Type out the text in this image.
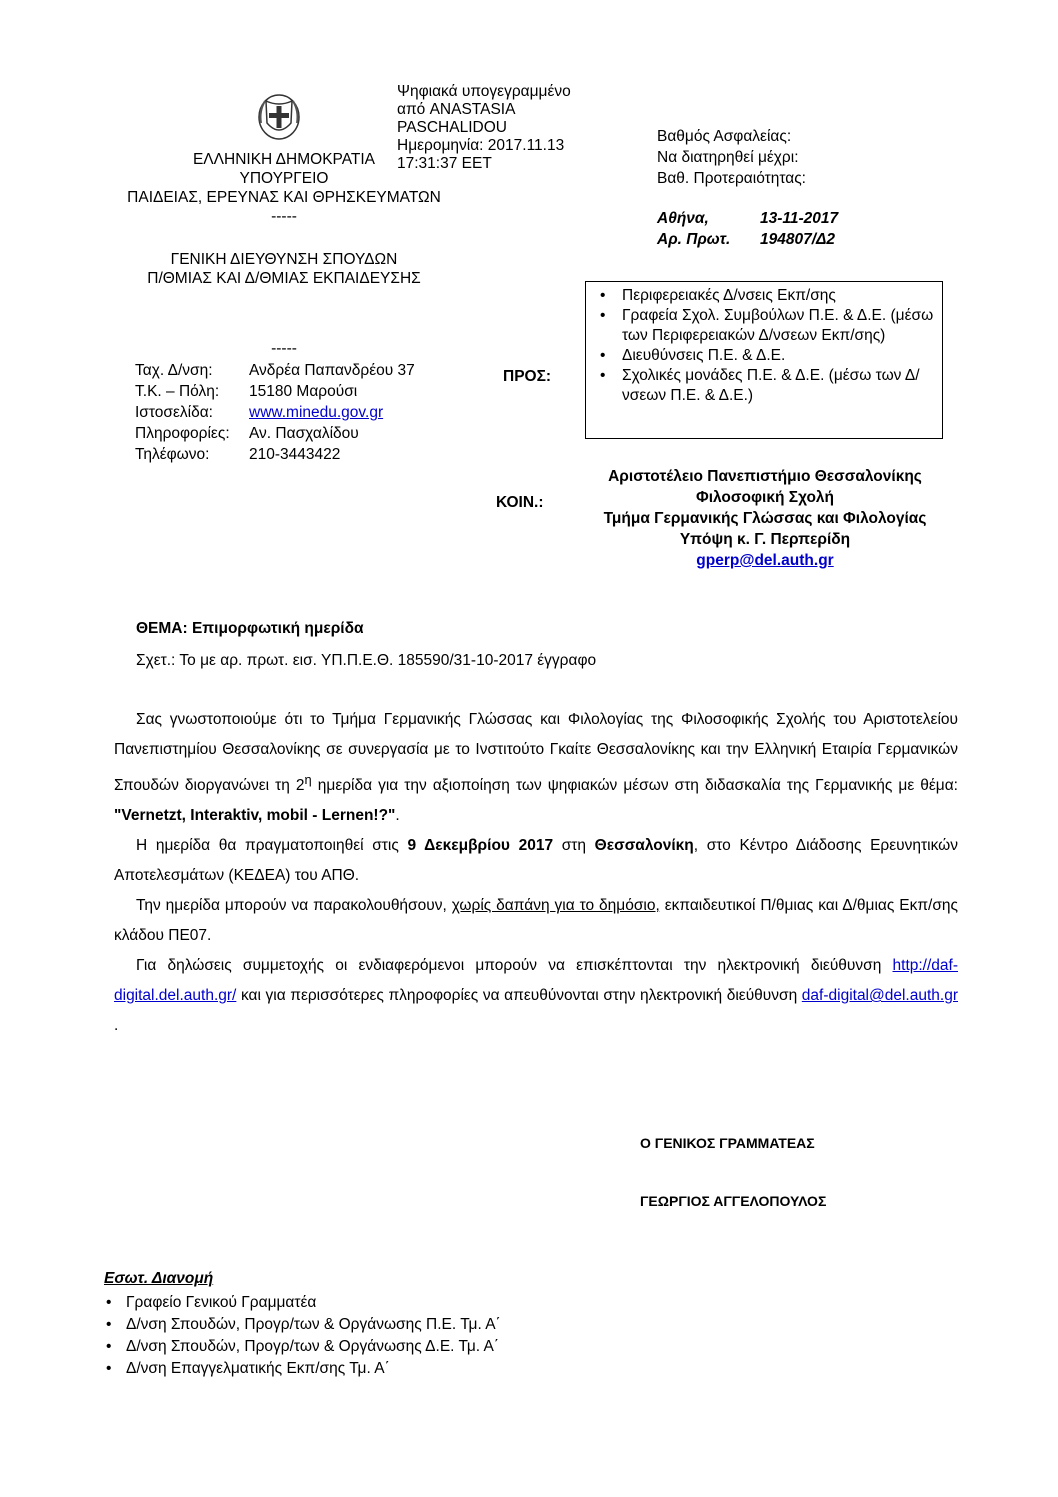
Ψηφιακά υπογεγραμμένο
από ANASTASIA
PASCHALIDOU
Ημερομηνία: 2017.11.13
17:31:37 EET
ΕΛΛΗΝΙΚΗ ΔΗΜΟΚΡΑΤΙΑ
ΥΠΟΥΡΓΕΙΟ
ΠΑΙΔΕΙΑΣ, ΕΡΕΥΝΑΣ ΚΑΙ ΘΡΗΣΚΕΥΜΑΤΩΝ
-----
ΓΕΝΙΚΗ ΔΙΕΥΘΥΝΣΗ ΣΠΟΥΔΩΝ
Π/ΘΜΙΑΣ ΚΑΙ Δ/ΘΜΙΑΣ ΕΚΠΑΙΔΕΥΣΗΣ
-----
Ταχ. Δ/νση: Ανδρέα Παπανδρέου 37
Τ.Κ. – Πόλη: 15180 Μαρούσι
Ιστοσελίδα: www.minedu.gov.gr
Πληροφορίες: Αν. Πασχαλίδου
Τηλέφωνο:	210-3443422
Βαθμός Ασφαλείας:
Να διατηρηθεί μέχρι:
Βαθ. Προτεραιότητας:
Αθήνα,	13-11-2017
Αρ. Πρωτ. 194807/Δ2
ΠΡΟΣ:
• Περιφερειακές Δ/νσεις Εκπ/σης
• Γραφεία Σχολ. Συμβούλων Π.Ε. & Δ.Ε. (μέσω των Περιφερειακών Δ/νσεων Εκπ/σης)
• Διευθύνσεις Π.Ε. & Δ.Ε.
• Σχολικές μονάδες Π.Ε. & Δ.Ε. (μέσω των Δ/νσεων Π.Ε. & Δ.Ε.)
ΚΟΙΝ.:
Αριστοτέλειο Πανεπιστήμιο Θεσσαλονίκης
Φιλοσοφική Σχολή
Τμήμα Γερμανικής Γλώσσας και Φιλολογίας
Υπόψη κ. Γ. Περπερίδη
gperp@del.auth.gr
ΘΕΜΑ: Επιμορφωτική ημερίδα
Σχετ.: Το με αρ. πρωτ. εισ. ΥΠ.Π.Ε.Θ. 185590/31-10-2017 έγγραφο

Σας γνωστοποιούμε ότι το Τμήμα Γερμανικής Γλώσσας και Φιλολογίας της Φιλοσοφικής Σχολής του Αριστοτελείου Πανεπιστημίου Θεσσαλονίκης σε συνεργασία με το Ινστιτούτο Γκαίτε Θεσσαλονίκης και την Ελληνική Εταιρία Γερμανικών Σπουδών διοργανώνει τη $2^\eta$ ημερίδα για την αξιοποίηση των ψηφιακών μέσων στη διδασκαλία της Γερμανικής με θέμα: "Vernetzt, Interaktiv, mobil - Lernen!?".

Η ημερίδα θα πραγματοποιηθεί στις 9 Δεκεμβρίου 2017 στη Θεσσαλονίκη, στο Κέντρο Διάδοσης Ερευνητικών Αποτελεσμάτων (ΚΕΔΕΑ) του ΑΠΘ.

Την ημερίδα μπορούν να παρακολουθήσουν, χωρίς δαπάνη για το δημόσιο, εκπαιδευτικοί Π/θμιας και Δ/θμιας Εκπ/σης κλάδου ΠΕ07.

Για δηλώσεις συμμετοχής οι ενδιαφερόμενοι μπορούν να επισκέπτονται την ηλεκτρονική διεύθυνση http://daf-digital.del.auth.gr/ και για περισσότερες πληροφορίες να απευθύνονται στην ηλεκτρονική διεύθυνση daf-digital@del.auth.gr .

Ο ΓΕΝΙΚΟΣ ΓΡΑΜΜΑΤΕΑΣ
ΓΕΩΡΓΙΟΣ ΑΓΓΕΛΟΠΟΥΛΟΣ
Εσωτ. Διανομή
• Γραφείο Γενικού Γραμματέα
• Δ/νση Σπουδών, Προγρ/των & Οργάνωσης Π.Ε. Τμ. Α΄
• Δ/νση Σπουδών, Προγρ/των & Οργάνωσης Δ.Ε. Τμ. Α΄
• Δ/νση Επαγγελματικής Εκπ/σης Τμ. Α΄
